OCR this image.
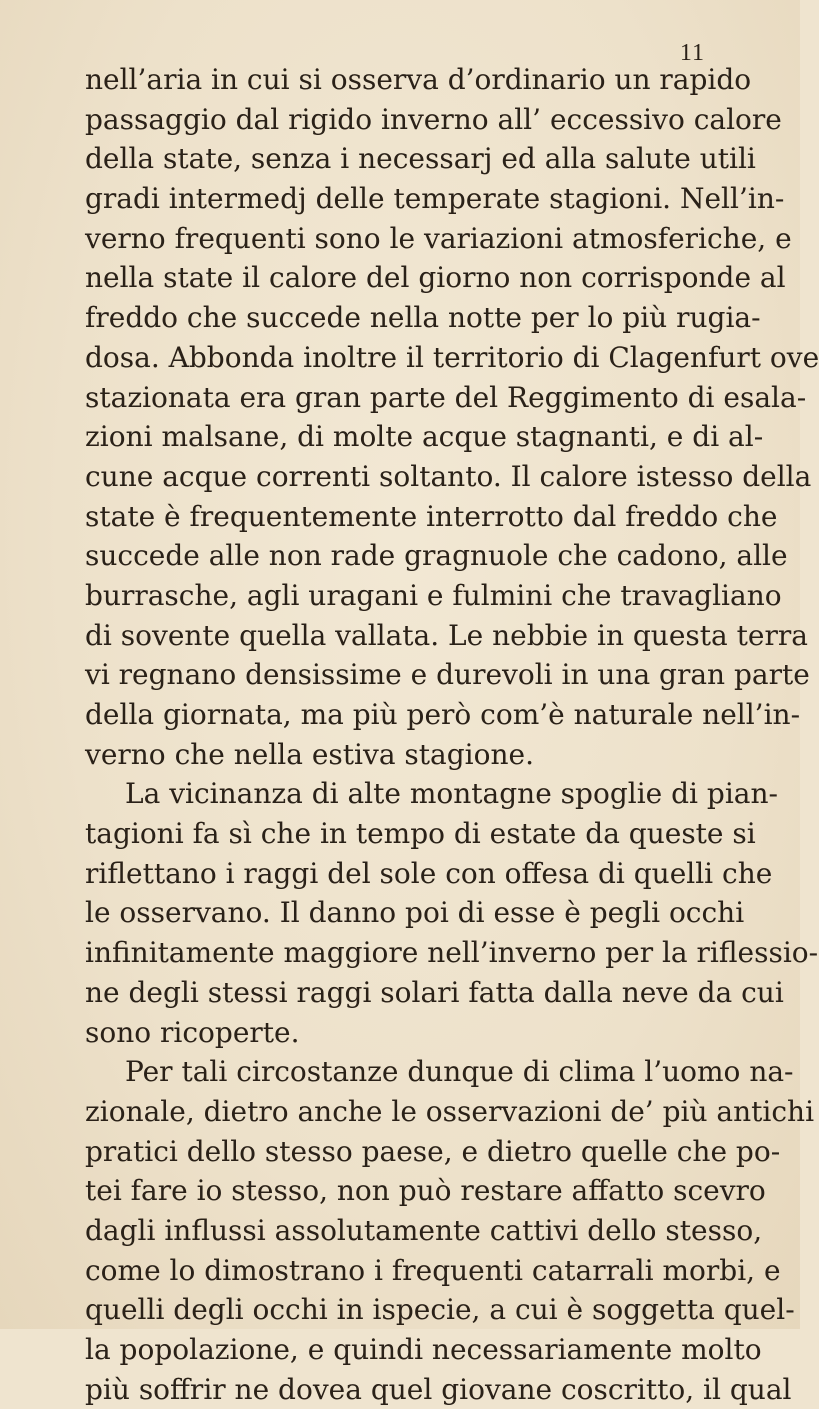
11
nell’aria in cui si osserva d’ordinario un rapido
passaggio dal rigido inverno all’ eccessivo calore
della state, senza i necessarj ed alla salute utili
gradi intermedj delle temperate stagioni. Nell’in-
verno frequenti sono le variazioni atmosferiche, e
nella state il calore del giorno non corrisponde al
freddo che succede nella notte per lo più rugia-
dosa. Abbonda inoltre il territorio di Clagenfurt ove
stazionata era gran parte del Reggimento di esala-
zioni malsane, di molte acque stagnanti, e di al-
cune acque correnti soltanto. Il calore istesso della
state è frequentemente interrotto dal freddo che
succede alle non rade gragnuole che cadono, alle
burrasche, agli uragani e fulmini che travagliano
di sovente quella vallata. Le nebbie in questa terra
vi regnano densissime e durevoli in una gran parte
della giornata, ma più però com’è naturale nell’in-
verno che nella estiva stagione.
La vicinanza di alte montagne spoglie di pian-
tagioni fa sì che in tempo di estate da queste si
riflettano i raggi del sole con offesa di quelli che
le osservano. Il danno poi di esse è pegli occhi
infinitamente maggiore nell’inverno per la riflessio-
ne degli stessi raggi solari fatta dalla neve da cui
sono ricoperte.
Per tali circostanze dunque di clima l’uomo na-
zionale, dietro anche le osservazioni de’ più antichi
pratici dello stesso paese, e dietro quelle che po-
tei fare io stesso, non può restare affatto scevro
dagli influssi assolutamente cattivi dello stesso,
come lo dimostrano i frequenti catarrali morbi, e
quelli degli occhi in ispecie, a cui è soggetta quel-
la popolazione, e quindi necessariamente molto
più soffrir ne dovea quel giovane coscritto, il qual
